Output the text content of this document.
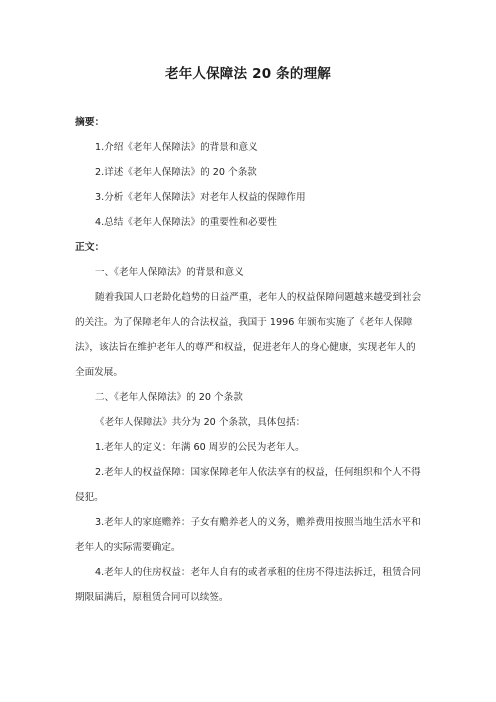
老年人保障法 20 条的理解

摘要：

1.介绍《老年人保障法》的背景和意义

2.详述《老年人保障法》的 20 个条款

3.分析《老年人保障法》对老年人权益的保障作用

4.总结《老年人保障法》的重要性和必要性

正文：

一、《老年人保障法》的背景和意义

随着我国人口老龄化趋势的日益严重，老年人的权益保障问题越来越受到社会的关注。为了保障老年人的合法权益，我国于 1996 年颁布实施了《老年人保障法》，该法旨在维护老年人的尊严和权益，促进老年人的身心健康，实现老年人的全面发展。

二、《老年人保障法》的 20 个条款

《老年人保障法》共分为 20 个条款，具体包括：

1.老年人的定义：年满 60 周岁的公民为老年人。

2.老年人的权益保障：国家保障老年人依法享有的权益，任何组织和个人不得侵犯。

3.老年人的家庭赡养：子女有赡养老人的义务，赡养费用按照当地生活水平和老年人的实际需要确定。

4.老年人的住房权益：老年人自有的或者承租的住房不得违法拆迁，租赁合同期限届满后，原租赁合同可以续签。
